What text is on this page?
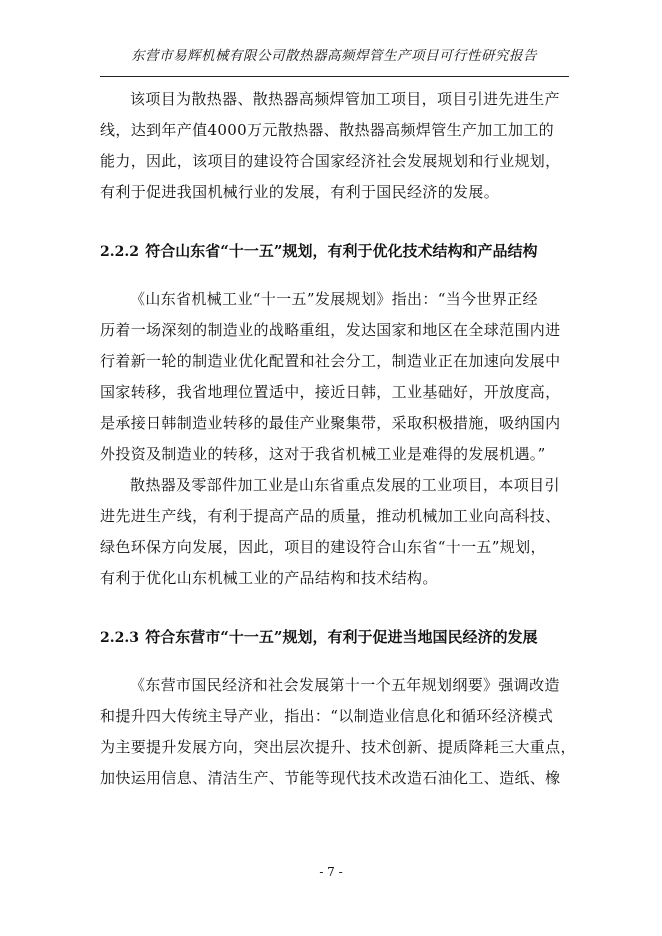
东营市易辉机械有限公司散热器高频焊管生产项目可行性研究报告
该项目为散热器、散热器高频焊管加工项目，项目引进先进生产
线，达到年产值4000万元散热器、散热器高频焊管生产加工加工的
能力，因此，该项目的建设符合国家经济社会发展规划和行业规划，
有利于促进我国机械行业的发展，有利于国民经济的发展。
2.2.2 符合山东省“十一五”规划，有利于优化技术结构和产品结构
《山东省机械工业“十一五”发展规划》指出：“当今世界正经
历着一场深刻的制造业的战略重组，发达国家和地区在全球范围内进
行着新一轮的制造业优化配置和社会分工，制造业正在加速向发展中
国家转移，我省地理位置适中，接近日韩，工业基础好，开放度高，
是承接日韩制造业转移的最佳产业聚集带，采取积极措施，吸纳国内
外投资及制造业的转移，这对于我省机械工业是难得的发展机遇。”
散热器及零部件加工业是山东省重点发展的工业项目，本项目引
进先进生产线，有利于提高产品的质量，推动机械加工业向高科技、
绿色环保方向发展，因此，项目的建设符合山东省“十一五”规划，
有利于优化山东机械工业的产品结构和技术结构。
2.2.3 符合东营市“十一五”规划，有利于促进当地国民经济的发展
《东营市国民经济和社会发展第十一个五年规划纲要》强调改造
和提升四大传统主导产业，指出：“以制造业信息化和循环经济模式
为主要提升发展方向，突出层次提升、技术创新、提质降耗三大重点，
加快运用信息、清洁生产、节能等现代技术改造石油化工、造纸、橡
- 7 -
